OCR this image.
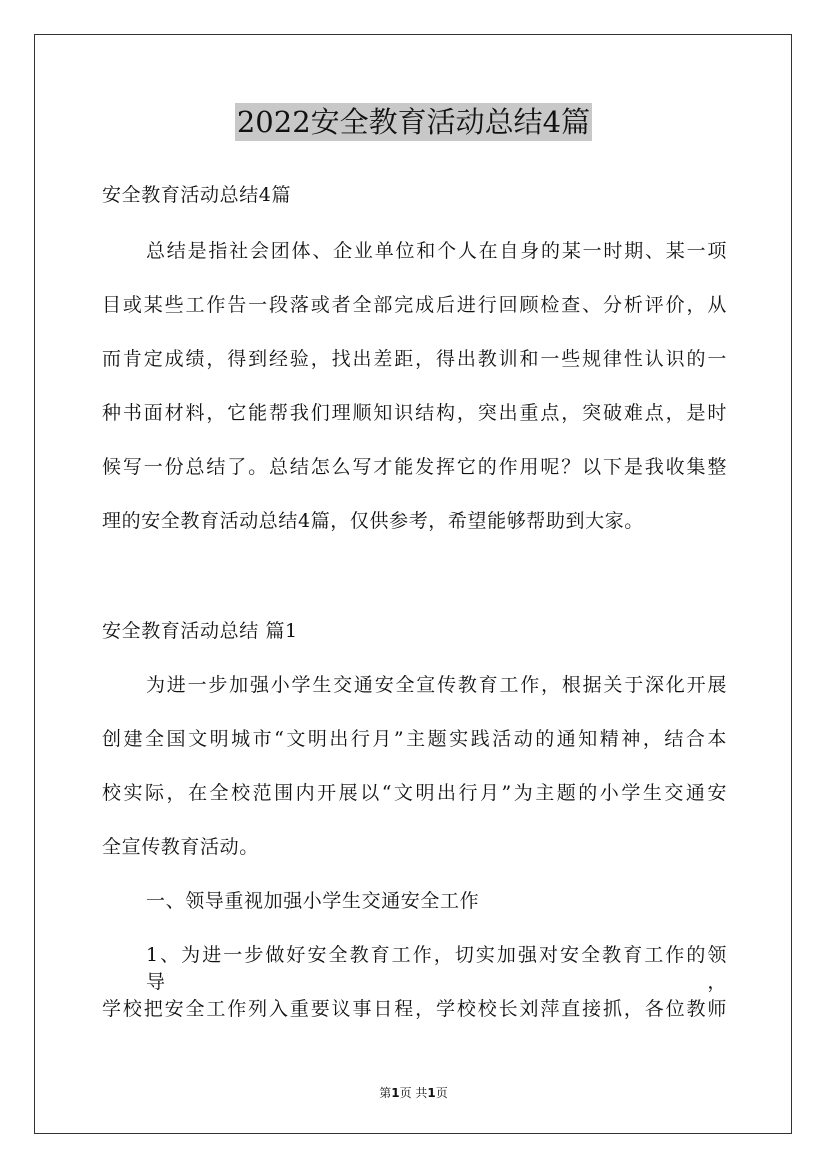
2022安全教育活动总结4篇

安全教育活动总结4篇

总结是指社会团体、企业单位和个人在自身的某一时期、某一项

目或某些工作告一段落或者全部完成后进行回顾检查、分析评价，从

而肯定成绩，得到经验，找出差距，得出教训和一些规律性认识的一

种书面材料，它能帮我们理顺知识结构，突出重点，突破难点，是时

候写一份总结了。总结怎么写才能发挥它的作用呢？以下是我收集整

理的安全教育活动总结4篇，仅供参考，希望能够帮助到大家。

安全教育活动总结 篇1

为进一步加强小学生交通安全宣传教育工作，根据关于深化开展

创建全国文明城市“文明出行月”主题实践活动的通知精神，结合本

校实际，在全校范围内开展以“文明出行月”为主题的小学生交通安

全宣传教育活动。

一、领导重视加强小学生交通安全工作

1、为进一步做好安全教育工作，切实加强对安全教育工作的领导，

学校把安全工作列入重要议事日程，学校校长刘萍直接抓，各位教师

第1页 共1页
